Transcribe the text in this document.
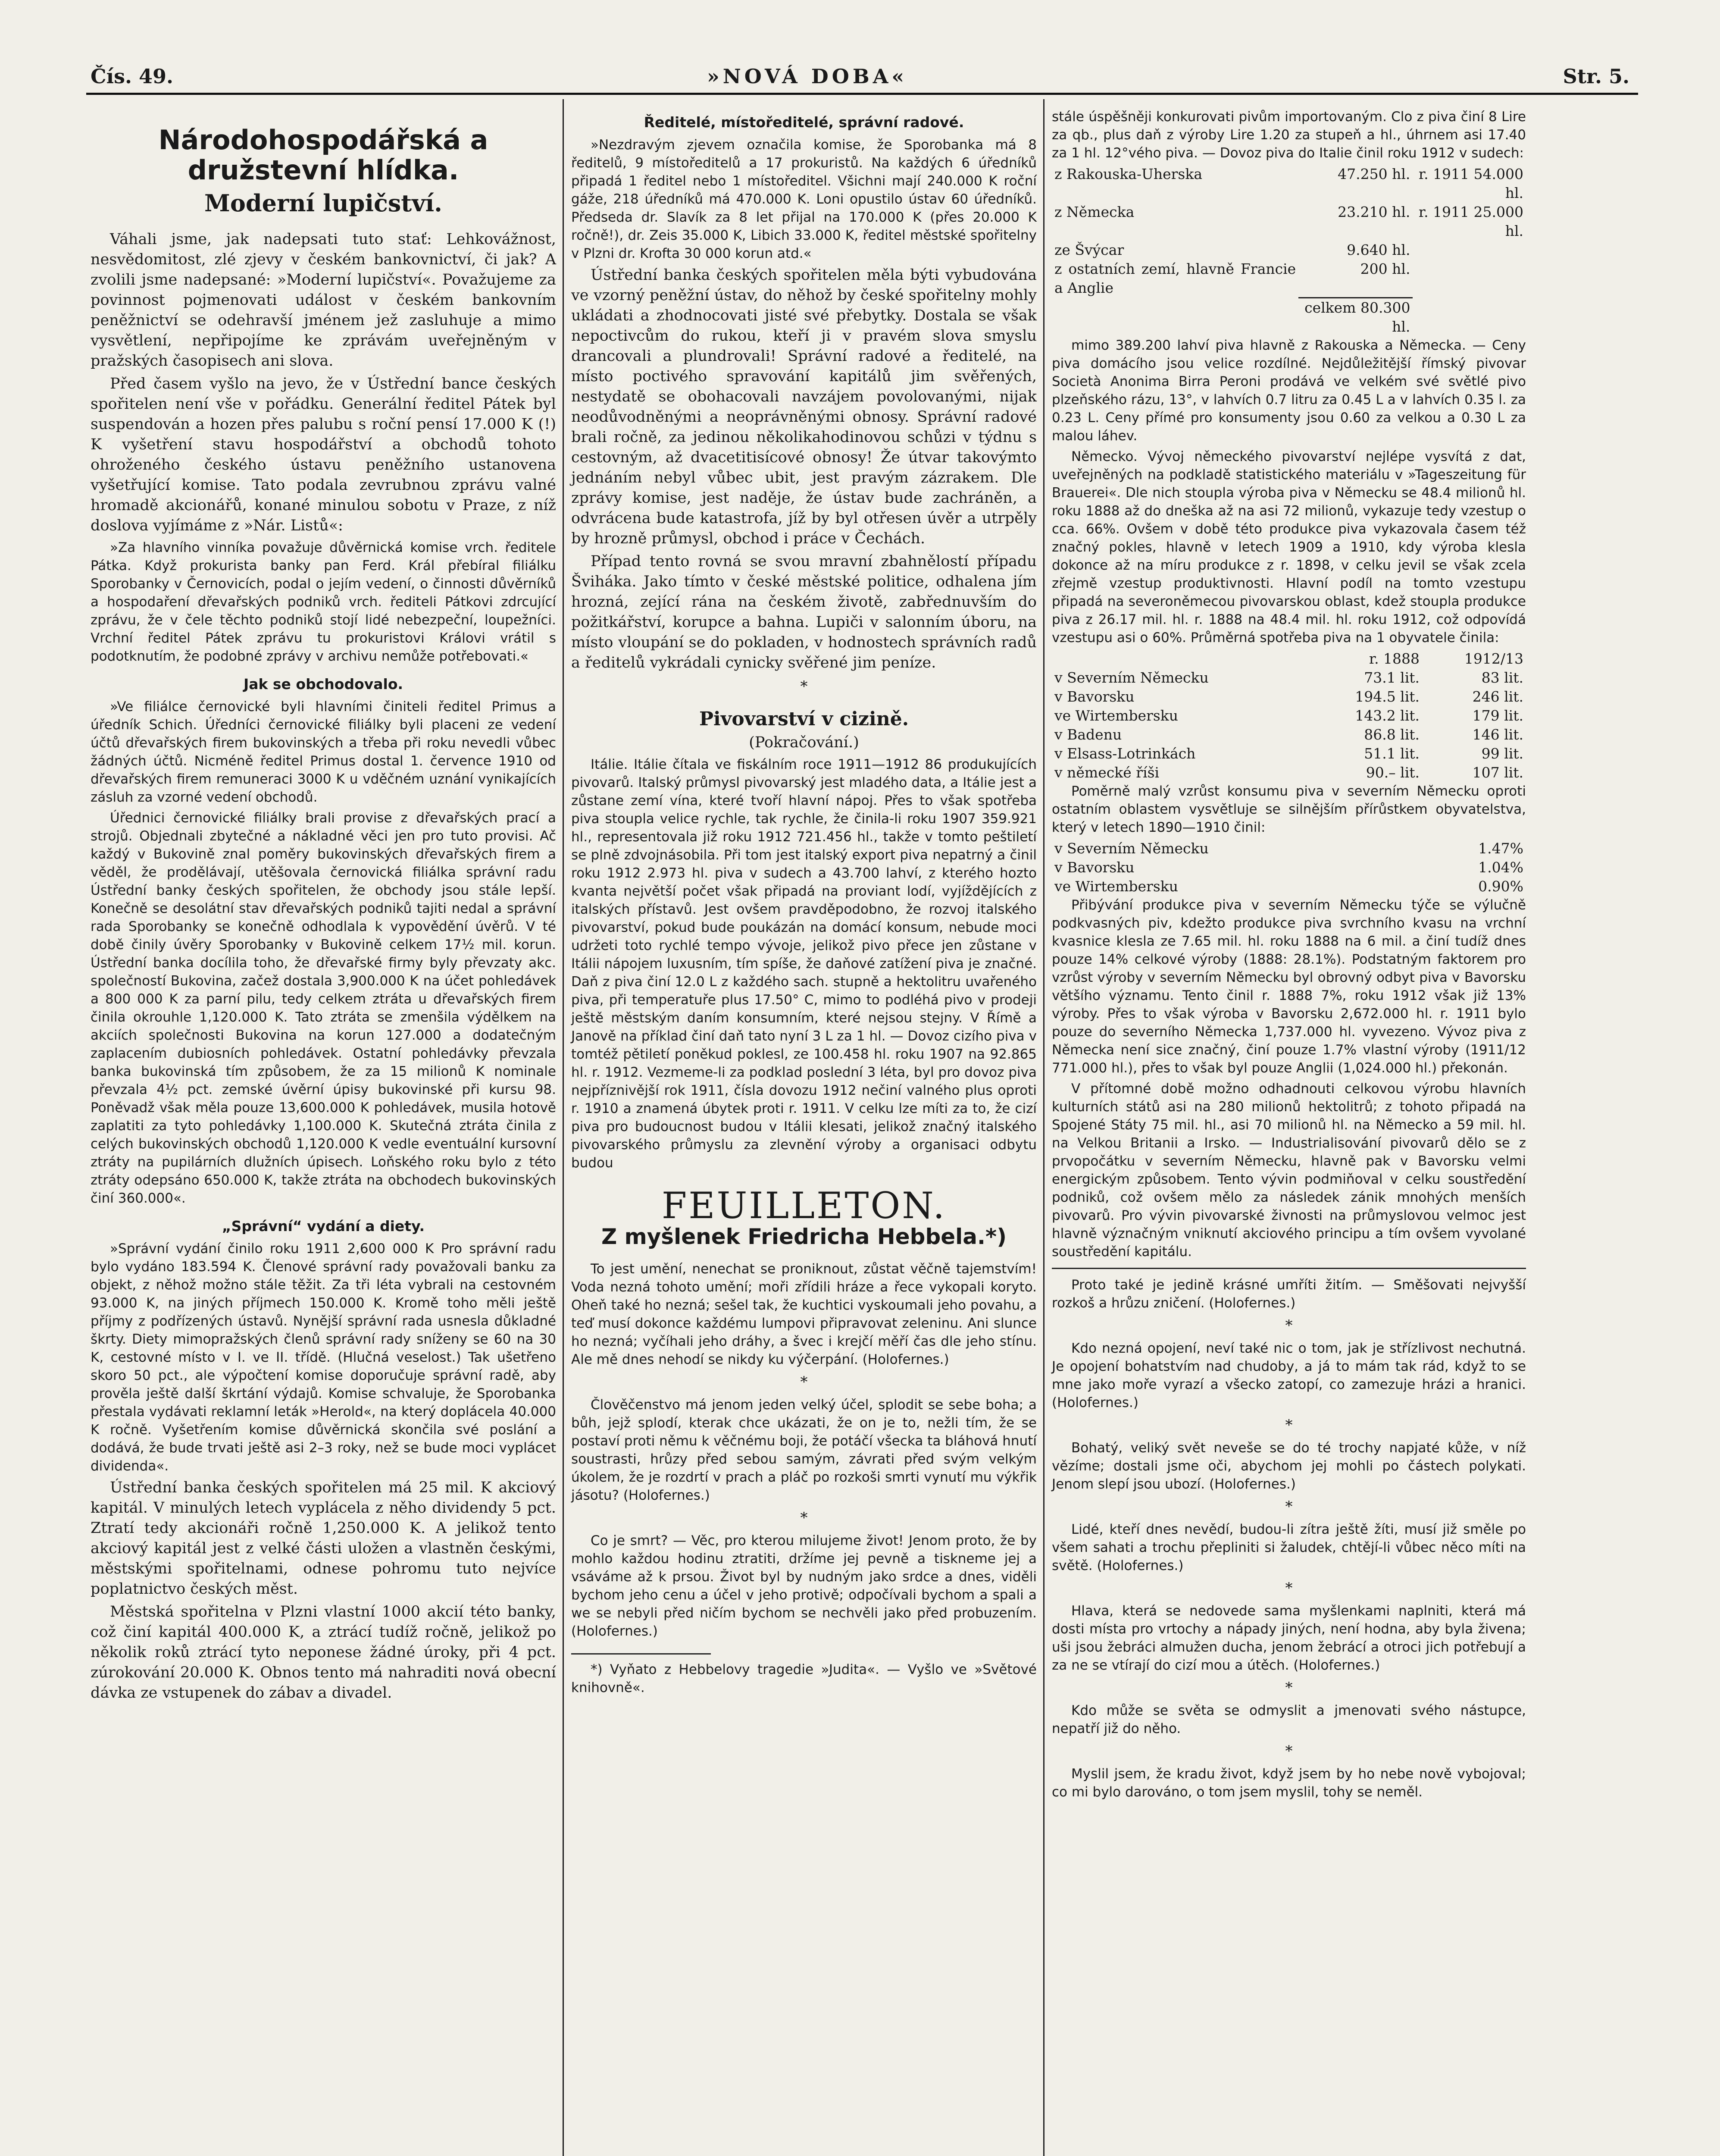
Čís. 49.	»NOVÁ DOBA«	Str. 5.
Národohospodářská a družstevní hlídka.
Moderní lupičství.

Váhali jsme, jak nadepsati tuto stať: Lehkovážnost, nesvědomitost, zlé zjevy v českém bankovnictví, či jak? A zvolili jsme nadepsané: »Moderní lupičství«. Považujeme za povinnost pojmenovati událost v českém bankovním peněžnictví se odehravší jménem jež zasluhuje a mimo vysvětlení, nepřipojíme ke zprávám uveřejněným v pražských časopisech ani slova.

Před časem vyšlo na jevo, že v Ústřední bance českých spořitelen není vše v pořádku. Generální ředitel Pátek byl suspendován a hozen přes palubu s roční pensí 17.000 K (!) K vyšetření stavu hospodářství a obchodů tohoto ohroženého českého ústavu peněžního ustanovena vyšetřující komise. Tato podala zevrubnou zprávu valné hromadě akcionářů, konané minulou sobotu v Praze, z níž doslova vyjímáme z »Nár. Listů«:

»Za hlavního vinníka považuje důvěrnická komise vrch. ředitele Pátka. Když prokurista banky pan Ferd. Král přebíral filiálku Sporobanky v Černovicích, podal o jejím vedení, o činnosti důvěrníků a hospodaření dřevařských podniků vrch. řediteli Pátkovi zdrcující zprávu, že v čele těchto podniků stojí lidé nebezpeční, loupežníci. Vrchní ředitel Pátek zprávu tu prokuristovi Královi vrátil s podotknutím, že podobné zprávy v archivu nemůže potřebovati.«

Jak se obchodovalo.

»Ve filiálce černovické byli hlavními činiteli ředitel Primus a úředník Schich. Úředníci černovické filiálky byli placeni ze vedení účtů dřevařských firem bukovinských a třeba při roku nevedli vůbec žádných účtů. Nicméně ředitel Primus dostal 1. července 1910 od dřevařských firem remuneraci 3000 K u vděčném uznání vynikajících zásluh za vzorné vedení obchodů.

Úřednici černovické filiálky brali provise z dřevařských prací a strojů. Objednali zbytečné a nákladné věci jen pro tuto provisi. Ač každý v Bukovině znal poměry bukovinských dřevařských firem a věděl, že prodělávají, utěšovala černovická filiálka správní radu Ústřední banky českých spořitelen, že obchody jsou stále lepší. Konečně se desolátní stav dřevařských podniků tajiti nedal a správní rada Sporobanky se konečně odhodlala k vypovědění úvěrů. V té době činily úvěry Sporobanky v Bukovině celkem 17½ mil. korun. Ústřední banka docílila toho, že dřevařské firmy byly převzaty akc. společností Bukovina, začež dostala 3,900.000 K na účet pohledávek a 800 000 K za parní pilu, tedy celkem ztráta u dřevařských firem činila okrouhle 1,120.000 K. Tato ztráta se zmenšila výdělkem na akciích společnosti Bukovina na korun 127.000 a dodatečným zaplacením dubiosních pohledávek. Ostatní pohledávky převzala banka bukovinská tím způsobem, že za 15 milionů K nominale převzala 4½ pct. zemské úvěrní úpisy bukovinské při kursu 98. Poněvadž však měla pouze 13,600.000 K pohledávek, musila hotově zaplatiti za tyto pohledávky 1,100.000 K. Skutečná ztráta činila z celých bukovinských obchodů 1,120.000 K vedle eventuální kursovní ztráty na pupilárních dlužních úpisech. Loňského roku bylo z této ztráty odepsáno 650.000 K, takže ztráta na obchodech bukovinských činí 360.000«.

„Správní“ vydání a diety.

»Správní vydání činilo roku 1911 2,600 000 K Pro správní radu bylo vydáno 183.594 K. Členové správní rady považovali banku za objekt, z něhož možno stále těžit. Za tři léta vybrali na cestovném 93.000 K, na jiných příjmech 150.000 K. Kromě toho měli ještě příjmy z podřízených ústavů. Nynější správní rada usnesla důkladné škrty. Diety mimopražských členů správní rady sníženy se 60 na 30 K, cestovné místo v I. ve II. třídě. (Hlučná veselost.) Tak ušetřeno skoro 50 pct., ale výpočtení komise doporučuje správní radě, aby prověla ještě další škrtání výdajů. Komise schvaluje, že Sporobanka přestala vydávati reklamní leták »Herold«, na který doplácela 40.000 K ročně. Vyšetřením komise důvěrnická skončila své poslání a dodává, že bude trvati ještě asi 2–3 roky, než se bude moci vyplácet dividenda«.

Ústřední banka českých spořitelen má 25 mil. K akciový kapitál. V minulých letech vyplácela z něho dividendy 5 pct. Ztratí tedy akcionáři ročně 1,250.000 K. A jelikož tento akciový kapitál jest z velké části uložen a vlastněn českými, městskými spořitelnami, odnese pohromu tuto nejvíce poplatnictvo českých měst.

Městská spořitelna v Plzni vlastní 1000 akcií této banky, což činí kapitál 400.000 K, a ztrácí tudíž ročně, jelikož po několik roků ztrácí tyto neponese žádné úroky, při 4 pct. zúrokování 20.000 K. Obnos tento má nahraditi nová obecní dávka ze vstupenek do zábav a divadel.

Ředitelé, místoředitelé, správní radové.

»Nezdravým zjevem označila komise, že Sporobanka má 8 ředitelů, 9 místoředitelů a 17 prokuristů. Na každých 6 úředníků připadá 1 ředitel nebo 1 místoředitel. Všichni mají 240.000 K roční gáže, 218 úředníků má 470.000 K. Loni opustilo ústav 60 úředníků. Předseda dr. Slavík za 8 let přijal na 170.000 K (přes 20.000 K ročně!), dr. Zeis 35.000 K, Libich 33.000 K, ředitel městské spořitelny v Plzni dr. Krofta 30 000 korun atd.«

Ústřední banka českých spořitelen měla býti vybudována ve vzorný peněžní ústav, do něhož by české spořitelny mohly ukládati a zhodnocovati jisté své přebytky. Dostala se však nepoctivcům do rukou, kteří ji v pravém slova smyslu drancovali a plundrovali! Správní radové a ředitelé, na místo poctivého spravování kapitálů jim svěřených, nestydatě se obohacovali navzájem povolovanými, nijak neodůvodněnými a neoprávněnými obnosy. Správní radové brali ročně, za jedinou několikahodinovou schůzi v týdnu s cestovným, až dvacetitisícové obnosy! Že útvar takovýmto jednáním nebyl vůbec ubit, jest pravým zázrakem. Dle zprávy komise, jest naděje, že ústav bude zachráněn, a odvrácena bude katastrofa, jíž by byl otřesen úvěr a utrpěly by hrozně průmysl, obchod i práce v Čechách.

Případ tento rovná se svou mravní zbahnělostí případu Šviháka. Jako tímto v české městské politice, odhalena jím hrozná, zející rána na českém životě, zabřednuvším do požitkářství, korupce a bahna. Lupiči v salonním úboru, na místo vloupání se do pokladen, v hodnostech správních radů a ředitelů vykrádali cynicky svěřené jim peníze.

*
Pivovarství v cizině.

(Pokračování.)

Itálie. Itálie čítala ve fiskálním roce 1911—1912 86 produkujících pivovarů. Italský průmysl pivovarský jest mladého data, a Itálie jest a zůstane zemí vína, které tvoří hlavní nápoj. Přes to však spotřeba piva stoupla velice rychle, tak rychle, že činila-li roku 1907 359.921 hl., representovala již roku 1912 721.456 hl., takže v tomto peštiletí se plně zdvojnásobila. Při tom jest italský export piva nepatrný a činil roku 1912 2.973 hl. piva v sudech a 43.700 lahví, z kterého hozto kvanta největší počet však připadá na proviant lodí, vyjíždějících z italských přístavů. Jest ovšem pravděpodobno, že rozvoj italského pivovarství, pokud bude poukázán na domácí konsum, nebude moci udržeti toto rychlé tempo vývoje, jelikož pivo přece jen zůstane v Itálii nápojem luxusním, tím spíše, že daňové zatížení piva je značné. Daň z piva činí 12.0 L z každého sach. stupně a hektolitru uvařeného piva, při temperatuře plus 17.50° C, mimo to podléhá pivo v prodeji ještě městským daním konsumním, které nejsou stejny. V Římě a Janově na příklad činí daň tato nyní 3 L za 1 hl. — Dovoz cizího piva v tomtéž pětiletí poněkud poklesl, ze 100.458 hl. roku 1907 na 92.865 hl. r. 1912. Vezmeme-li za podklad poslední 3 léta, byl pro dovoz piva nejpříznivější rok 1911, čísla dovozu 1912 nečiní valného plus oproti r. 1910 a znamená úbytek proti r. 1911. V celku lze míti za to, že cizí piva pro budoucnost budou v Itálii klesati, jelikož značný italského pivovarského průmyslu za zlevnění výroby a organisaci odbytu budou

FEUILLETON.
Z myšlenek Friedricha Hebbela.*)

To jest umění, nenechat se proniknout, zůstat věčně tajemstvím! Voda nezná tohoto umění; moři zřídili hráze a řece vykopali koryto. Oheň také ho nezná; sešel tak, že kuchtici vyskoumali jeho povahu, a teď musí dokonce každému lumpovi připravovat zeleninu. Ani slunce ho nezná; vyčíhali jeho dráhy, a švec i krejčí měří čas dle jeho stínu. Ale mě dnes nehodí se nikdy ku výčerpání. (Holofernes.)

*

Člověčenstvo má jenom jeden velký účel, splodit se sebe boha; a bůh, jejž splodí, kterak chce ukázati, že on je to, nežli tím, že se postaví proti němu k věčnému boji, že potáčí všecka ta bláhová hnutí soustrasti, hrůzy před sebou samým, závrati před svým velkým úkolem, že je rozdrtí v prach a pláč po rozkoši smrti vynutí mu výkřik jásotu? (Holofernes.)

*

Co je smrt? — Věc, pro kterou milujeme život! Jenom proto, že by mohlo každou hodinu ztratiti, držíme jej pevně a tiskneme jej a vsáváme až k prsou. Život byl by nudným jako srdce a dnes, viděli bychom jeho cenu a účel v jeho protivě; odpočívali bychom a spali a we se nebyli před ničím bychom se nechvěli jako před probuzením. (Holofernes.)

*) Vyňato z Hebbelovy tragedie »Judita«. — Vyšlo ve »Světové knihovně«.

stále úspěšněji konkurovati pivům importovaným. Clo z piva činí 8 Lire za qb., plus daň z výroby Lire 1.20 za stupeň a hl., úhrnem asi 17.40 za 1 hl. 12°vého piva. — Dovoz piva do Italie činil roku 1912 v sudech:

z Rakouska-Uherska	47.250 hl.	r. 1911 54.000 hl.
z Německa	23.210 hl.	r. 1911 25.000 hl.
ze Švýcar	9.640 hl.	
z ostatních zemí, hlavně Francie a Anglie	200 hl.	
	celkem 80.300 hl.	

mimo 389.200 lahví piva hlavně z Rakouska a Německa. — Ceny piva domácího jsou velice rozdílné. Nejdůležitější římský pivovar Società Anonima Birra Peroni prodává ve velkém své světlé pivo plzeňského rázu, 13°, v lahvích 0.7 litru za 0.45 L a v lahvích 0.35 l. za 0.23 L. Ceny přímé pro konsumenty jsou 0.60 za velkou a 0.30 L za malou láhev.

Německo. Vývoj německého pivovarství nejlépe vysvítá z dat, uveřejněných na podkladě statistického materiálu v »Tageszeitung für Brauerei«. Dle nich stoupla výroba piva v Německu se 48.4 milionů hl. roku 1888 až do dneška až na asi 72 milionů, vykazuje tedy vzestup o cca. 66%. Ovšem v době této produkce piva vykazovala časem též značný pokles, hlavně v letech 1909 a 1910, kdy výroba klesla dokonce až na míru produkce z r. 1898, v celku jevil se však zcela zřejmě vzestup produktivnosti. Hlavní podíl na tomto vzestupu připadá na severoněmecou pivovarskou oblast, kdež stoupla produkce piva z 26.17 mil. hl. r. 1888 na 48.4 mil. hl. roku 1912, což odpovídá vzestupu asi o 60%. Průměrná spotřeba piva na 1 obyvatele činila:

	r. 1888	1912/13
v Severním Německu	73.1 lit.	83 lit.
v Bavorsku	194.5 lit.	246 lit.
ve Wirtembersku	143.2 lit.	179 lit.
v Badenu	86.8 lit.	146 lit.
v Elsass-Lotrinkách	51.1 lit.	99 lit.
v německé říši	90.– lit.	107 lit.

Poměrně malý vzrůst konsumu piva v severním Německu oproti ostatním oblastem vysvětluje se silnějším přírůstkem obyvatelstva, který v letech 1890—1910 činil:

v Severním Německu	1.47%
v Bavorsku	1.04%
ve Wirtembersku	0.90%

Přibývání produkce piva v severním Německu týče se výlučně podkvasných piv, kdežto produkce piva svrchního kvasu na vrchní kvasnice klesla ze 7.65 mil. hl. roku 1888 na 6 mil. a činí tudíž dnes pouze 14% celkové výroby (1888: 28.1%). Podstatným faktorem pro vzrůst výroby v severním Německu byl obrovný odbyt piva v Bavorsku většího významu. Tento činil r. 1888 7%, roku 1912 však již 13% výroby. Přes to však výroba v Bavorsku 2,672.000 hl. r. 1911 bylo pouze do severního Německa 1,737.000 hl. vyvezeno. Vývoz piva z Německa není sice značný, činí pouze 1.7% vlastní výroby (1911/12 771.000 hl.), přes to však byl pouze Anglii (1,024.000 hl.) překonán.

V přítomné době možno odhadnouti celkovou výrobu hlavních kulturních států asi na 280 milionů hektolitrů; z tohoto připadá na Spojené Státy 75 mil. hl., asi 70 milionů hl. na Německo a 59 mil. hl. na Velkou Britanii a Irsko. — Industrialisování pivovarů dělo se z prvopočátku v severním Německu, hlavně pak v Bavorsku velmi energickým způsobem. Tento vývin podmiňoval v celku soustředění podniků, což ovšem mělo za následek zánik mnohých menších pivovarů. Pro vývin pivovarské živnosti na průmyslovou velmoc jest hlavně význačným vniknutí akciového principu a tím ovšem vyvolané soustředění kapitálu.

Proto také je jedině krásné umříti žitím. — Směšovati nejvyšší rozkoš a hrůzu zničení. (Holofernes.)

*

Kdo nezná opojení, neví také nic o tom, jak je střízlivost nechutná. Je opojení bohatstvím nad chudoby, a já to mám tak rád, když to se mne jako moře vyrazí a všecko zatopí, co zamezuje hrázi a hranici. (Holofernes.)

*

Bohatý, veliký svět neveše se do té trochy napjaté kůže, v níž vězíme; dostali jsme oči, abychom jej mohli po částech polykati. Jenom slepí jsou ubozí. (Holofernes.)

*

Lidé, kteří dnes nevědí, budou-li zítra ještě žíti, musí již směle po všem sahati a trochu přepliniti si žaludek, chtějí-li vůbec něco míti na světě. (Holofernes.)

*

Hlava, která se nedovede sama myšlenkami naplniti, která má dosti místa pro vrtochy a nápady jiných, není hodna, aby byla živena; uši jsou žebráci almužen ducha, jenom žebrácí a otroci jich potřebují a za ne se vtírají do cizí mou a útěch. (Holofernes.)

*

Kdo může se světa se odmyslit a jmenovati svého nástupce, nepatří již do něho.

*

Myslil jsem, že kradu život, když jsem by ho nebe nově vybojoval; co mi bylo darováno, o tom jsem myslil, tohy se neměl.
